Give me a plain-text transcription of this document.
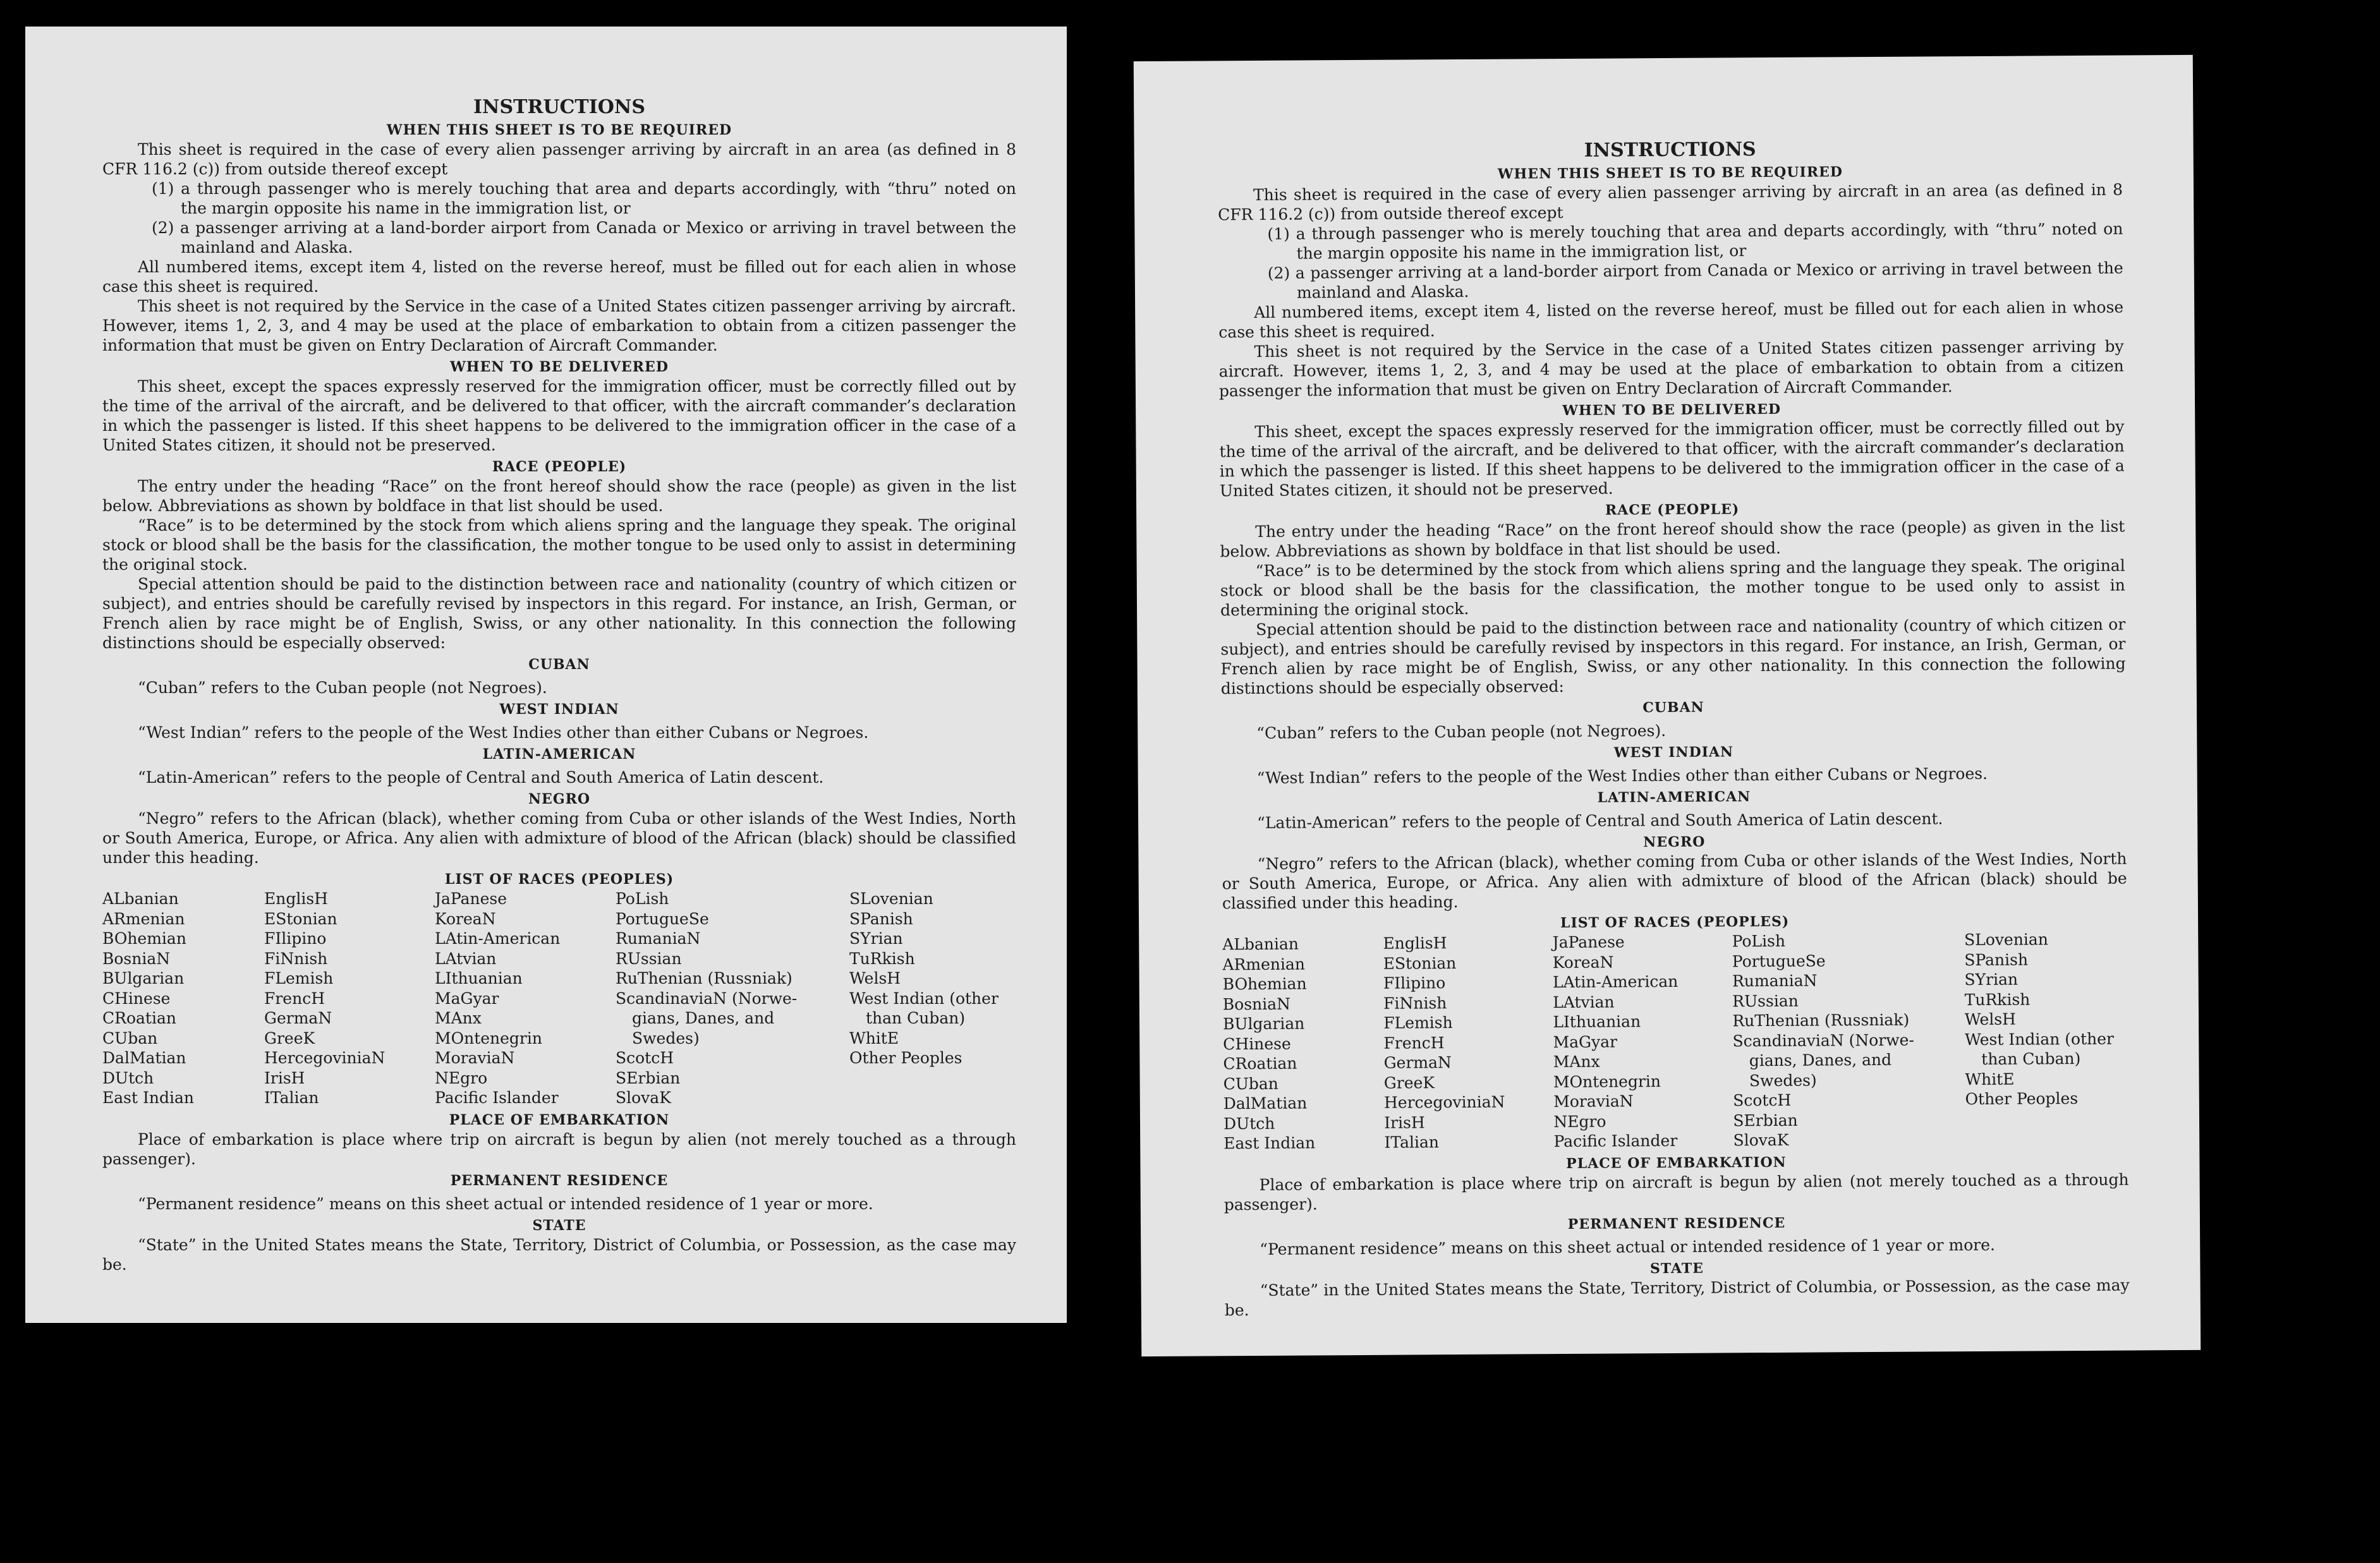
INSTRUCTIONS
WHEN THIS SHEET IS TO BE REQUIRED

This sheet is required in the case of every alien passenger arriving by aircraft in an area (as defined in 8 CFR 116.2 (c)) from outside thereof except

(1) a through passenger who is merely touching that area and departs accordingly, with “thru” noted on the margin opposite his name in the immigration list, or
(2) a passenger arriving at a land-border airport from Canada or Mexico or arriving in travel between the mainland and Alaska.

All numbered items, except item 4, listed on the reverse hereof, must be filled out for each alien in whose case this sheet is required.

This sheet is not required by the Service in the case of a United States citizen passenger arriving by aircraft. However, items 1, 2, 3, and 4 may be used at the place of embarkation to obtain from a citizen passenger the information that must be given on Entry Declaration of Aircraft Commander.

WHEN TO BE DELIVERED

This sheet, except the spaces expressly reserved for the immigration officer, must be correctly filled out by the time of the arrival of the aircraft, and be delivered to that officer, with the aircraft commander’s declaration in which the passenger is listed. If this sheet happens to be delivered to the immigration officer in the case of a United States citizen, it should not be preserved.

RACE (PEOPLE)

The entry under the heading “Race” on the front hereof should show the race (people) as given in the list below. Abbreviations as shown by boldface in that list should be used.

“Race” is to be determined by the stock from which aliens spring and the language they speak. The original stock or blood shall be the basis for the classification, the mother tongue to be used only to assist in determining the original stock.

Special attention should be paid to the distinction between race and nationality (country of which citizen or subject), and entries should be carefully revised by inspectors in this regard. For instance, an Irish, German, or French alien by race might be of English, Swiss, or any other nationality. In this connection the following distinctions should be especially observed:

CUBAN
“Cuban” refers to the Cuban people (not Negroes).
WEST INDIAN
“West Indian” refers to the people of the West Indies other than either Cubans or Negroes.
LATIN-AMERICAN
“Latin-American” refers to the people of Central and South America of Latin descent.
NEGRO

“Negro” refers to the African (black), whether coming from Cuba or other islands of the West Indies, North or South America, Europe, or Africa. Any alien with admixture of blood of the African (black) should be classified under this heading.

LIST OF RACES (PEOPLES)
ALbanian
ARmenian
BOhemian
BosniaN
BUlgarian
CHinese
CRoatian
CUban
DalMatian
DUtch
East Indian
EnglisH
EStonian
FIlipino
FiNnish
FLemish
FrencH
GermaN
GreeK
HercegoviniaN
IrisH
ITalian
JaPanese
KoreaN
LAtin-American
LAtvian
LIthuanian
MaGyar
MAnx
MOntenegrin
MoraviaN
NEgro
Pacific Islander
PoLish
PortugueSe
RumaniaN
RUssian
RuThenian (Russniak)
ScandinaviaN (Norwe-
gians, Danes, and
Swedes)
ScotcH
SErbian
SlovaK
SLovenian
SPanish
SYrian
TuRkish
WelsH
West Indian (other
than Cuban)
WhitE
Other Peoples
PLACE OF EMBARKATION

Place of embarkation is place where trip on aircraft is begun by alien (not merely touched as a through passenger).

PERMANENT RESIDENCE
“Permanent residence” means on this sheet actual or intended residence of 1 year or more.
STATE

“State” in the United States means the State, Territory, District of Columbia, or Possession, as the case may be.

INSTRUCTIONS
WHEN THIS SHEET IS TO BE REQUIRED

This sheet is required in the case of every alien passenger arriving by aircraft in an area (as defined in 8 CFR 116.2 (c)) from outside thereof except

(1) a through passenger who is merely touching that area and departs accordingly, with “thru” noted on the margin opposite his name in the immigration list, or
(2) a passenger arriving at a land-border airport from Canada or Mexico or arriving in travel between the mainland and Alaska.

All numbered items, except item 4, listed on the reverse hereof, must be filled out for each alien in whose case this sheet is required.

This sheet is not required by the Service in the case of a United States citizen passenger arriving by aircraft. However, items 1, 2, 3, and 4 may be used at the place of embarkation to obtain from a citizen passenger the information that must be given on Entry Declaration of Aircraft Commander.

WHEN TO BE DELIVERED

This sheet, except the spaces expressly reserved for the immigration officer, must be correctly filled out by the time of the arrival of the aircraft, and be delivered to that officer, with the aircraft commander’s declaration in which the passenger is listed. If this sheet happens to be delivered to the immigration officer in the case of a United States citizen, it should not be preserved.

RACE (PEOPLE)

The entry under the heading “Race” on the front hereof should show the race (people) as given in the list below. Abbreviations as shown by boldface in that list should be used.

“Race” is to be determined by the stock from which aliens spring and the language they speak. The original stock or blood shall be the basis for the classification, the mother tongue to be used only to assist in determining the original stock.

Special attention should be paid to the distinction between race and nationality (country of which citizen or subject), and entries should be carefully revised by inspectors in this regard. For instance, an Irish, German, or French alien by race might be of English, Swiss, or any other nationality. In this connection the following distinctions should be especially observed:

CUBAN
“Cuban” refers to the Cuban people (not Negroes).
WEST INDIAN
“West Indian” refers to the people of the West Indies other than either Cubans or Negroes.
LATIN-AMERICAN
“Latin-American” refers to the people of Central and South America of Latin descent.
NEGRO

“Negro” refers to the African (black), whether coming from Cuba or other islands of the West Indies, North or South America, Europe, or Africa. Any alien with admixture of blood of the African (black) should be classified under this heading.

LIST OF RACES (PEOPLES)
ALbanian
ARmenian
BOhemian
BosniaN
BUlgarian
CHinese
CRoatian
CUban
DalMatian
DUtch
East Indian
EnglisH
EStonian
FIlipino
FiNnish
FLemish
FrencH
GermaN
GreeK
HercegoviniaN
IrisH
ITalian
JaPanese
KoreaN
LAtin-American
LAtvian
LIthuanian
MaGyar
MAnx
MOntenegrin
MoraviaN
NEgro
Pacific Islander
PoLish
PortugueSe
RumaniaN
RUssian
RuThenian (Russniak)
ScandinaviaN (Norwe-
gians, Danes, and
Swedes)
ScotcH
SErbian
SlovaK
SLovenian
SPanish
SYrian
TuRkish
WelsH
West Indian (other
than Cuban)
WhitE
Other Peoples
PLACE OF EMBARKATION

Place of embarkation is place where trip on aircraft is begun by alien (not merely touched as a through passenger).

PERMANENT RESIDENCE
“Permanent residence” means on this sheet actual or intended residence of 1 year or more.
STATE

“State” in the United States means the State, Territory, District of Columbia, or Possession, as the case may be.
